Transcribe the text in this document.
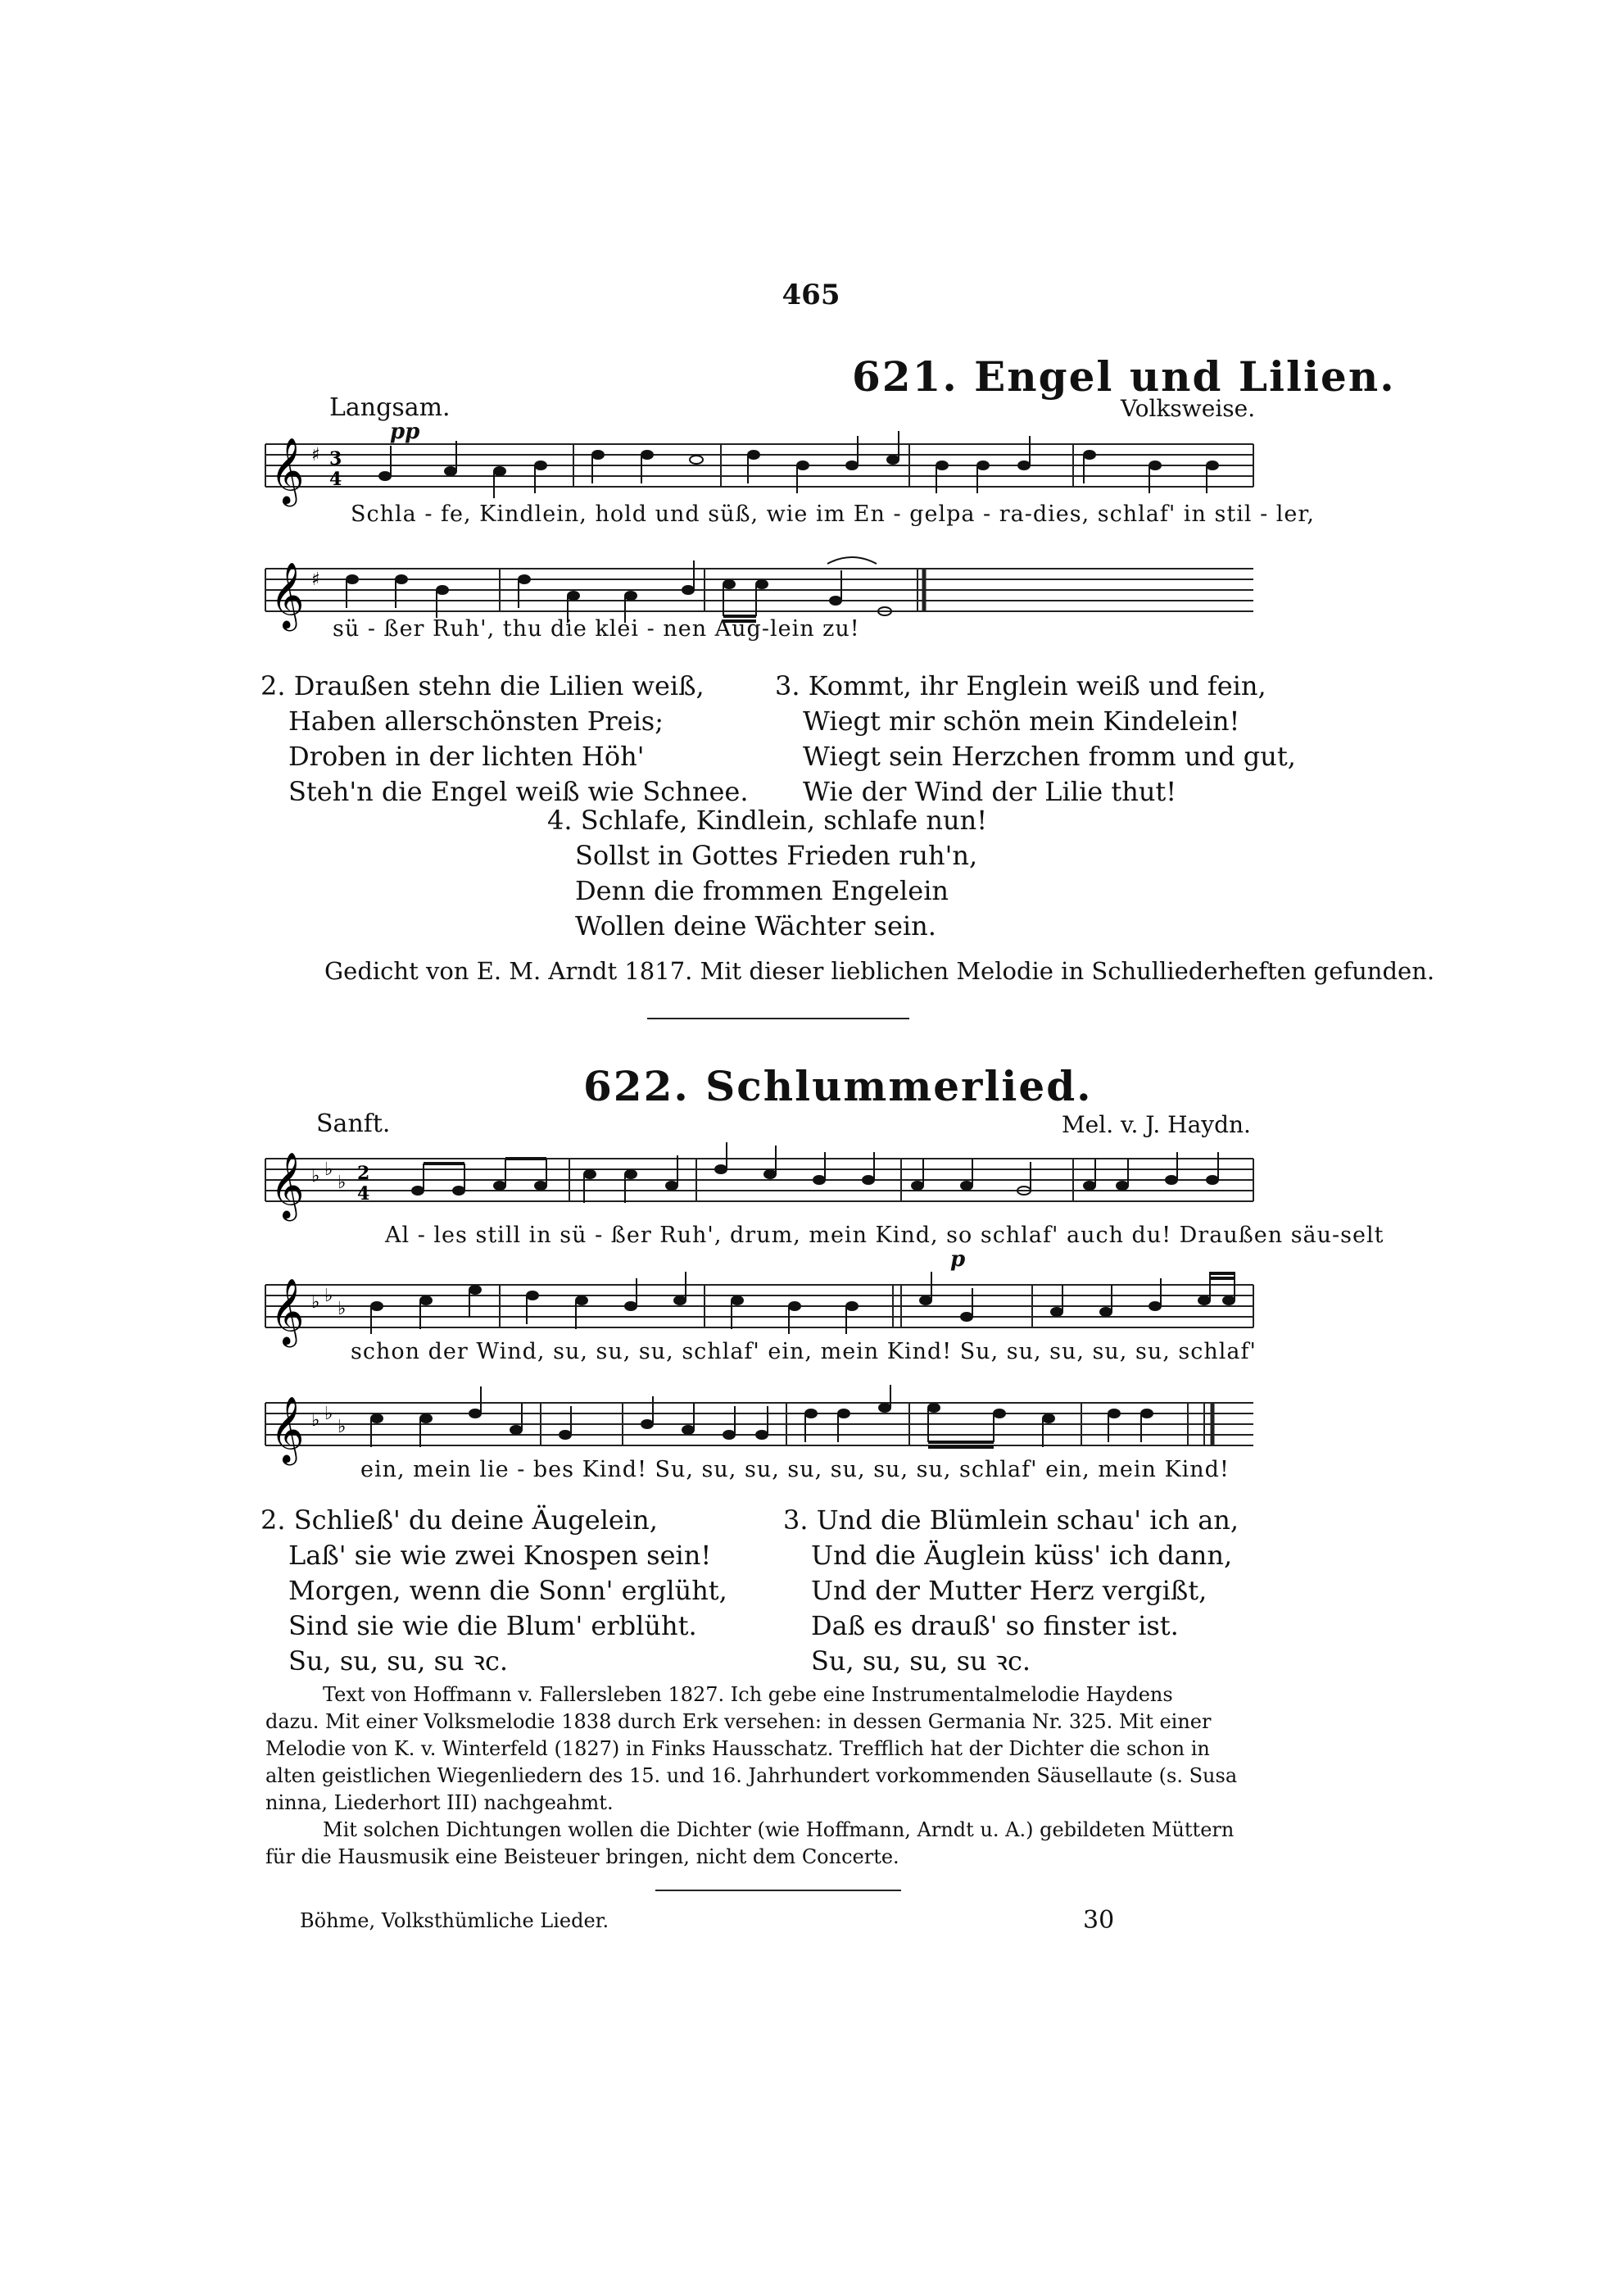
465
621. Engel und Lilien.
Langsam.	Volksweise.
pp
𝄞 ♯ 3
4
Schla - fe, Kindlein, hold und süß, wie im En - gelpa - ra-dies, schlaf' in stil - ler,
𝄞 ♯
sü - ßer Ruh', thu die klei - nen Aug-lein zu!
2. Draußen stehn die Lilien weiß,
Haben allerschönsten Preis;
Droben in der lichten Höh'
Steh'n die Engel weiß wie Schnee.
3. Kommt, ihr Englein weiß und fein,
Wiegt mir schön mein Kindelein!
Wiegt sein Herzchen fromm und gut,
Wie der Wind der Lilie thut!
4. Schlafe, Kindlein, schlafe nun!
Sollst in Gottes Frieden ruh'n,
Denn die frommen Engelein
Wollen deine Wächter sein.
Gedicht von E. M. Arndt 1817. Mit dieser lieblichen Melodie in Schulliederheften gefunden.
622. Schlummerlied.
Sanft.	Mel. v. J. Haydn.
𝄞 ♭ ♭
♭ 2
4
Al - les still in sü - ßer Ruh', drum, mein Kind, so schlaf' auch du! Draußen säu-selt
p
𝄞 ♭ ♭
♭
schon der Wind, su, su, su, schlaf' ein, mein Kind! Su, su, su, su, su, schlaf'
𝄞 ♭ ♭
♭
ein, mein lie - bes Kind! Su, su, su, su, su, su, su, schlaf' ein, mein Kind!
2. Schließ' du deine Äugelein,
Laß' sie wie zwei Knospen sein!
Morgen, wenn die Sonn' erglüht,
Sind sie wie die Blum' erblüht.
Su, su, su, su ꝛc.
3. Und die Blümlein schau' ich an,
Und die Äuglein küss' ich dann,
Und der Mutter Herz vergißt,
Daß es drauß' so finster ist.
Su, su, su, su ꝛc.
Text von Hoffmann v. Fallersleben 1827. Ich gebe eine Instrumentalmelodie Haydens
dazu. Mit einer Volksmelodie 1838 durch Erk versehen: in dessen Germania Nr. 325. Mit einer
Melodie von K. v. Winterfeld (1827) in Finks Hausschatz. Trefflich hat der Dichter die schon in
alten geistlichen Wiegenliedern des 15. und 16. Jahrhundert vorkommenden Säusellaute (s. Susa
ninna, Liederhort III) nachgeahmt.
Mit solchen Dichtungen wollen die Dichter (wie Hoffmann, Arndt u. A.) gebildeten Müttern
für die Hausmusik eine Beisteuer bringen, nicht dem Concerte.
Böhme, Volksthümliche Lieder.	30
